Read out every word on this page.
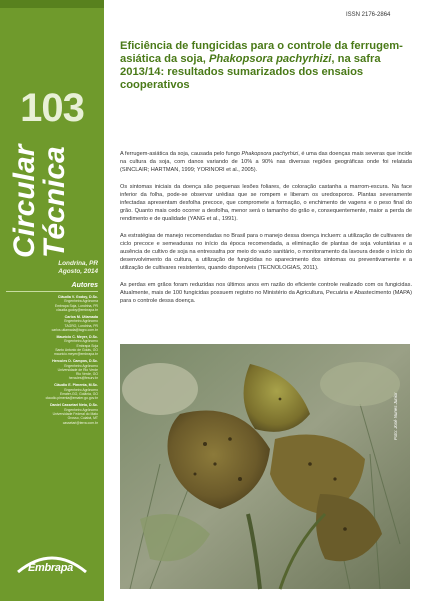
103
Circular
Técnica
Londrina, PR
Agosto, 2014
Autores
Cláudia V. Godoy, D.Sc.
Engenheira Agrônoma
Embrapa Soja, Londrina, PR
claudia.godoy@embrapa.br
Carlos M. Utiamada
Engenheiro Agrônomo
TAGRO, Londrina, PR
carlos.utiamada@tagro.com.br
Maurício C. Meyer, D.Sc.
Engenheiro Agrônomo
Embrapa Soja
Santo Antonio de Goiás, GO
mauricio.meyer@embrapa.br
Hercules D. Campos, D.Sc.
Engenheiro Agrônomo
Universidade de Rio Verde
Rio Verde, GO
hercules@fesurv.br
Cláudio E. Pimenta, M.Sc.
Engenheiro Agrônomo
Emater-GO, Goiânia, GO
claudio.pimenta@emater.go.gov.br
Daniel Cassetari Neto, D.Sc.
Engenheiro Agrônomo
Universidade Federal do Mato
Grosso, Cuiabá, MT
cassetari@terra.com.br
Embrapa
ISSN 2176-2864
Eficiência de fungicidas para o controle da ferrugem-asiática da soja, Phakopsora pachyrhizi, na safra 2013/14: resultados sumarizados dos ensaios cooperativos

A ferrugem-asiática da soja, causada pelo fungo Phakopsora pachyrhizi, é uma das doenças mais severas que incide na cultura da soja, com danos variando de 10% a 90% nas diversas regiões geográficas onde foi relatada (SINCLAIR; HARTMAN, 1999; YORINORI et al., 2005).

Os sintomas iniciais da doença são pequenas lesões foliares, de coloração castanha a marrom-escura. Na face inferior da folha, pode-se observar urédias que se rompem e liberam os uredosporos. Plantas severamente infectadas apresentam desfolha precoce, que compromete a formação, o enchimento de vagens e o peso final do grão. Quanto mais cedo ocorrer a desfolha, menor será o tamanho do grão e, consequentemente, maior a perda de rendimento e de qualidade (YANG et al., 1991).

As estratégias de manejo recomendadas no Brasil para o manejo dessa doença incluem: a utilização de cultivares de ciclo precoce e semeaduras no início da época recomendada, a eliminação de plantas de soja voluntárias e a ausência de cultivo de soja na entressafra por meio do vazio sanitário, o monitoramento da lavoura desde o início do desenvolvimento da cultura, a utilização de fungicidas no aparecimento dos sintomas ou preventivamente e a utilização de cultivares resistentes, quando disponíveis (TECNOLOGIAS, 2011).

As perdas em grãos foram reduzidas nos últimos anos em razão do eficiente controle realizado com os fungicidas. Atualmente, mais de 100 fungicidas possuem registro no Ministério da Agricultura, Pecuária e Abastecimento (MAPA) para o controle dessa doença.

Foto: José Nunes Junior
